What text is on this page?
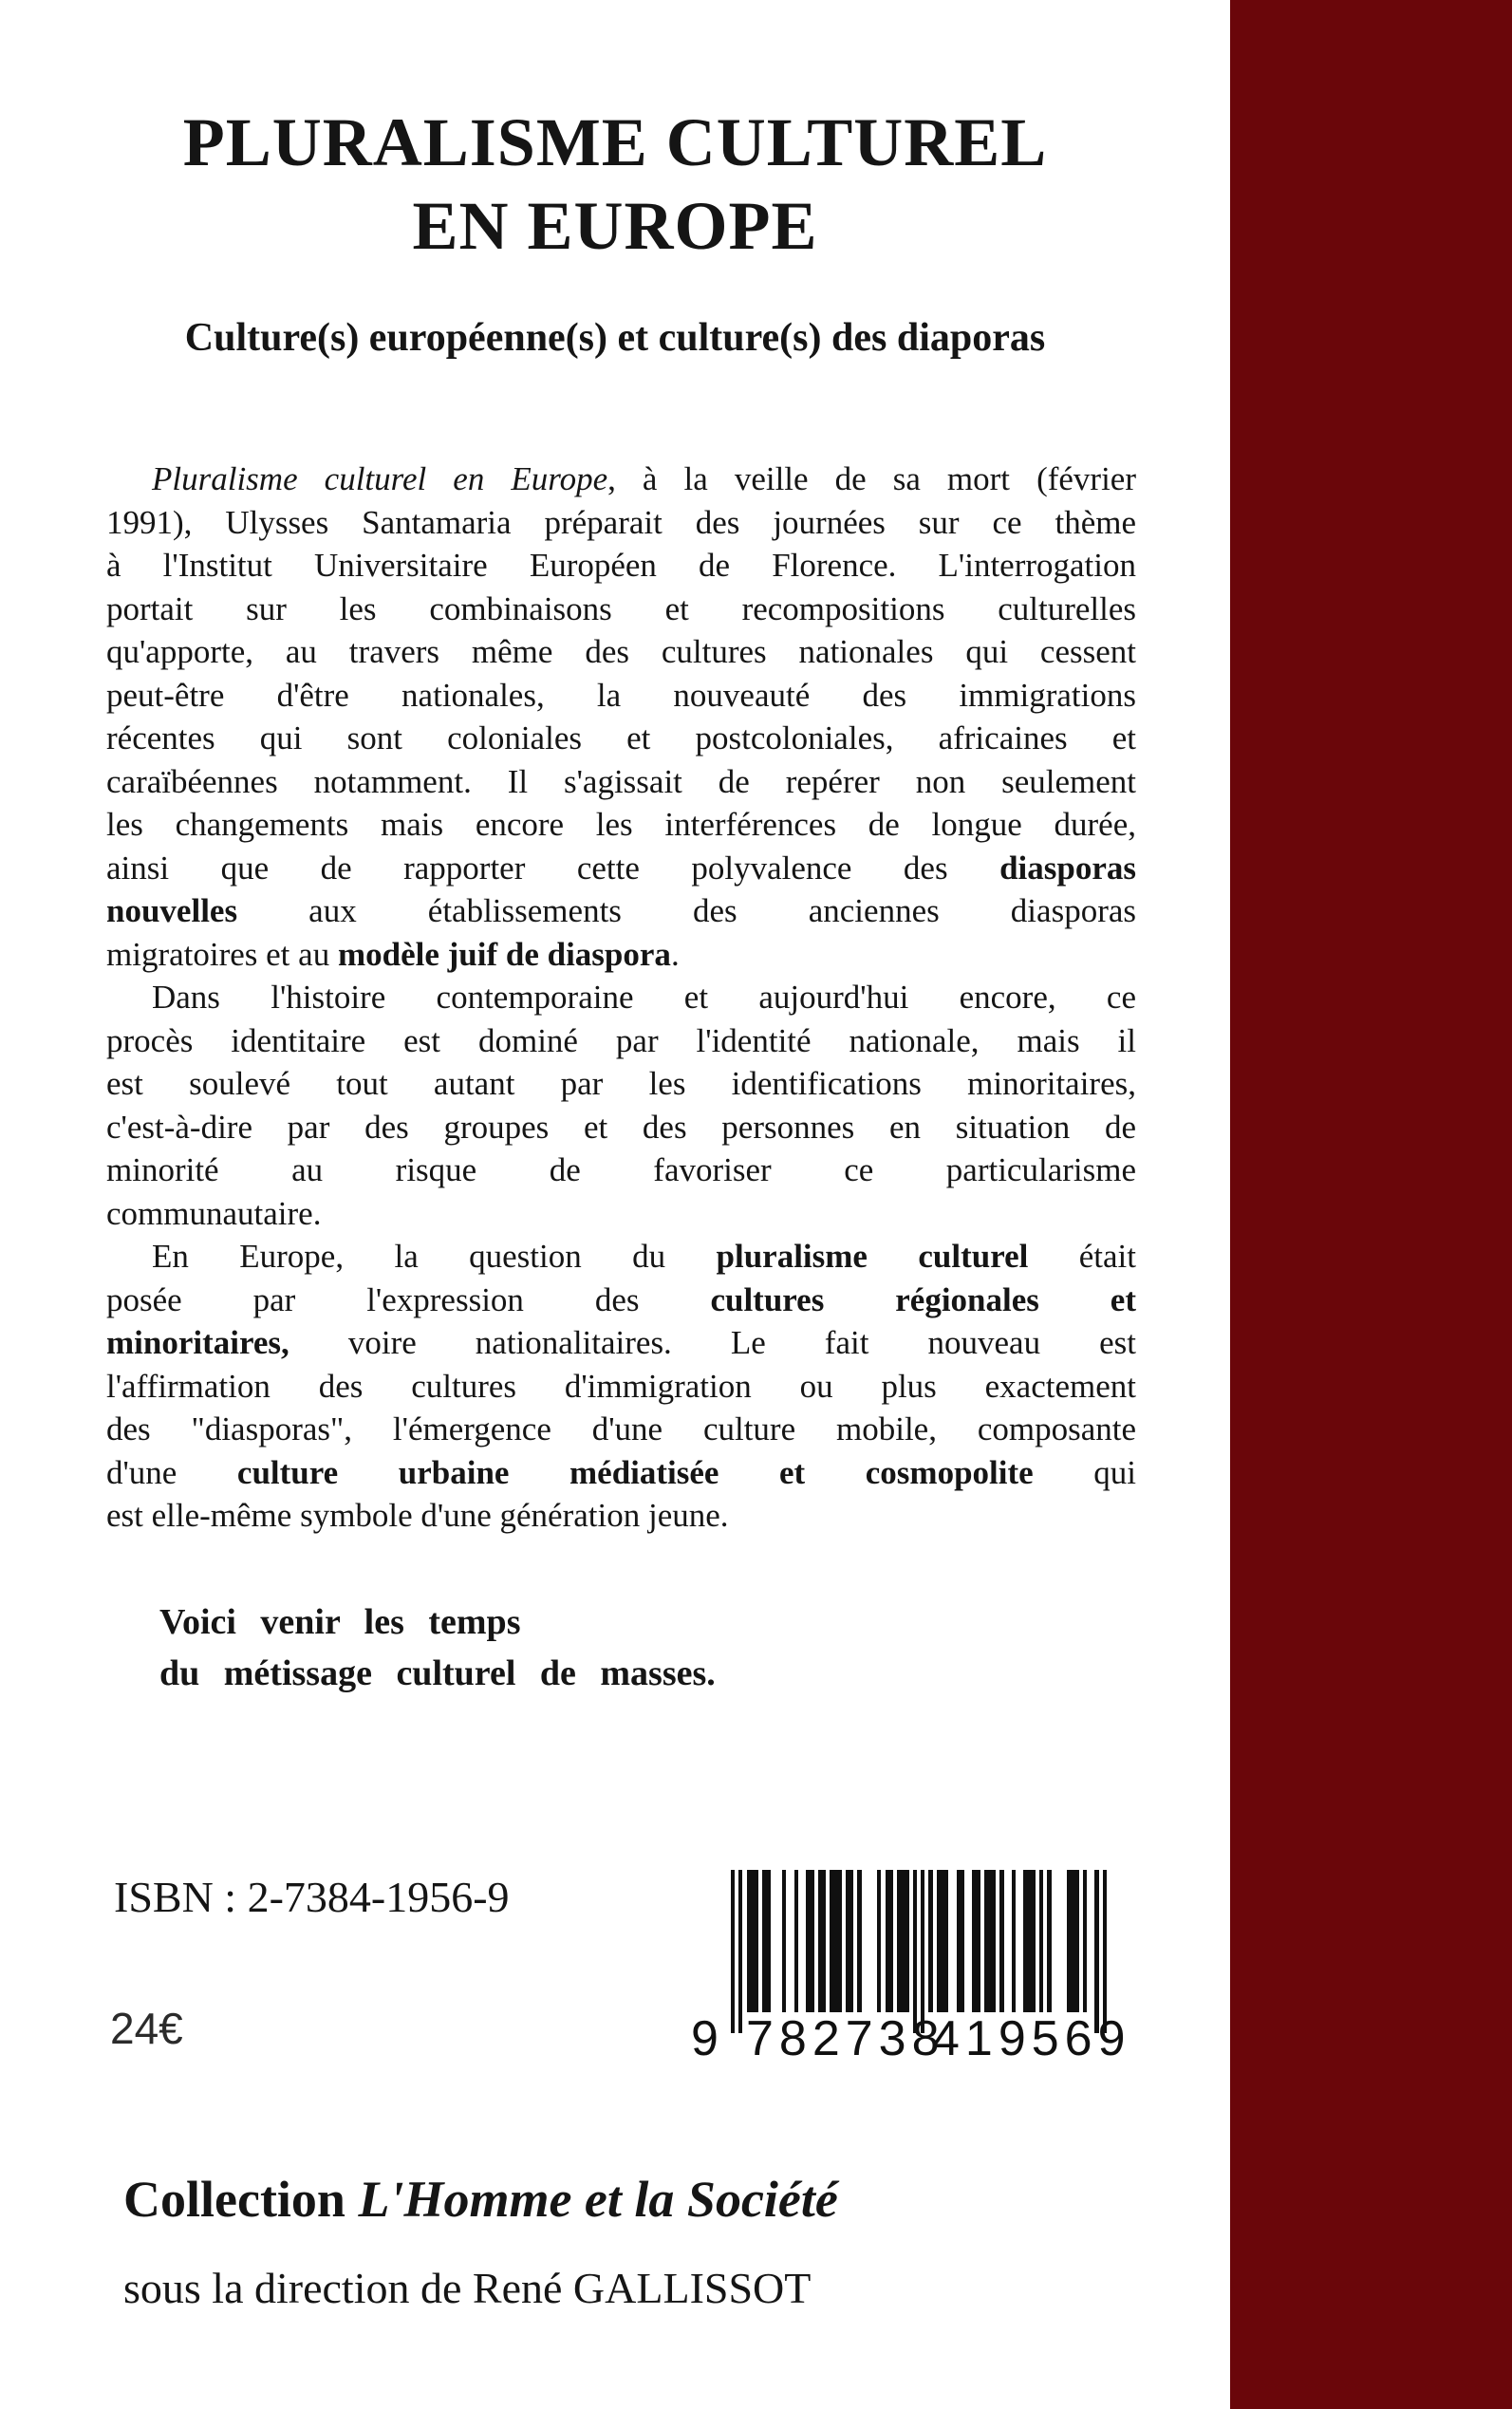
PLURALISME CULTUREL
EN EUROPE
Culture(s) européenne(s) et culture(s) des diaporas
Pluralisme culturel en Europe, à la veille de sa mort (février
1991), Ulysses Santamaria préparait des journées sur ce thème
à l'Institut Universitaire Européen de Florence. L'interrogation
portait sur les combinaisons et recompositions culturelles
qu'apporte, au travers même des cultures nationales qui cessent
peut-être d'être nationales, la nouveauté des immigrations
récentes qui sont coloniales et postcoloniales, africaines et
caraïbéennes notamment. Il s'agissait de repérer non seulement
les changements mais encore les interférences de longue durée,
ainsi que de rapporter cette polyvalence des diasporas
nouvelles aux établissements des anciennes diasporas
migratoires et au modèle juif de diaspora.
Dans l'histoire contemporaine et aujourd'hui encore, ce
procès identitaire est dominé par l'identité nationale, mais il
est soulevé tout autant par les identifications minoritaires,
c'est-à-dire par des groupes et des personnes en situation de
minorité au risque de favoriser ce particularisme
communautaire.
En Europe, la question du pluralisme culturel était
posée par l'expression des cultures régionales et
minoritaires, voire nationalitaires. Le fait nouveau est
l'affirmation des cultures d'immigration ou plus exactement
des "diasporas", l'émergence d'une culture mobile, composante
d'une culture urbaine médiatisée et cosmopolite qui
est elle-même symbole d'une génération jeune.
Voici venir les temps
du métissage culturel de masses.
ISBN : 2-7384-1956-9
24€	9 782738
419569
Collection L'Homme et la Société
sous la direction de René GALLISSOT
